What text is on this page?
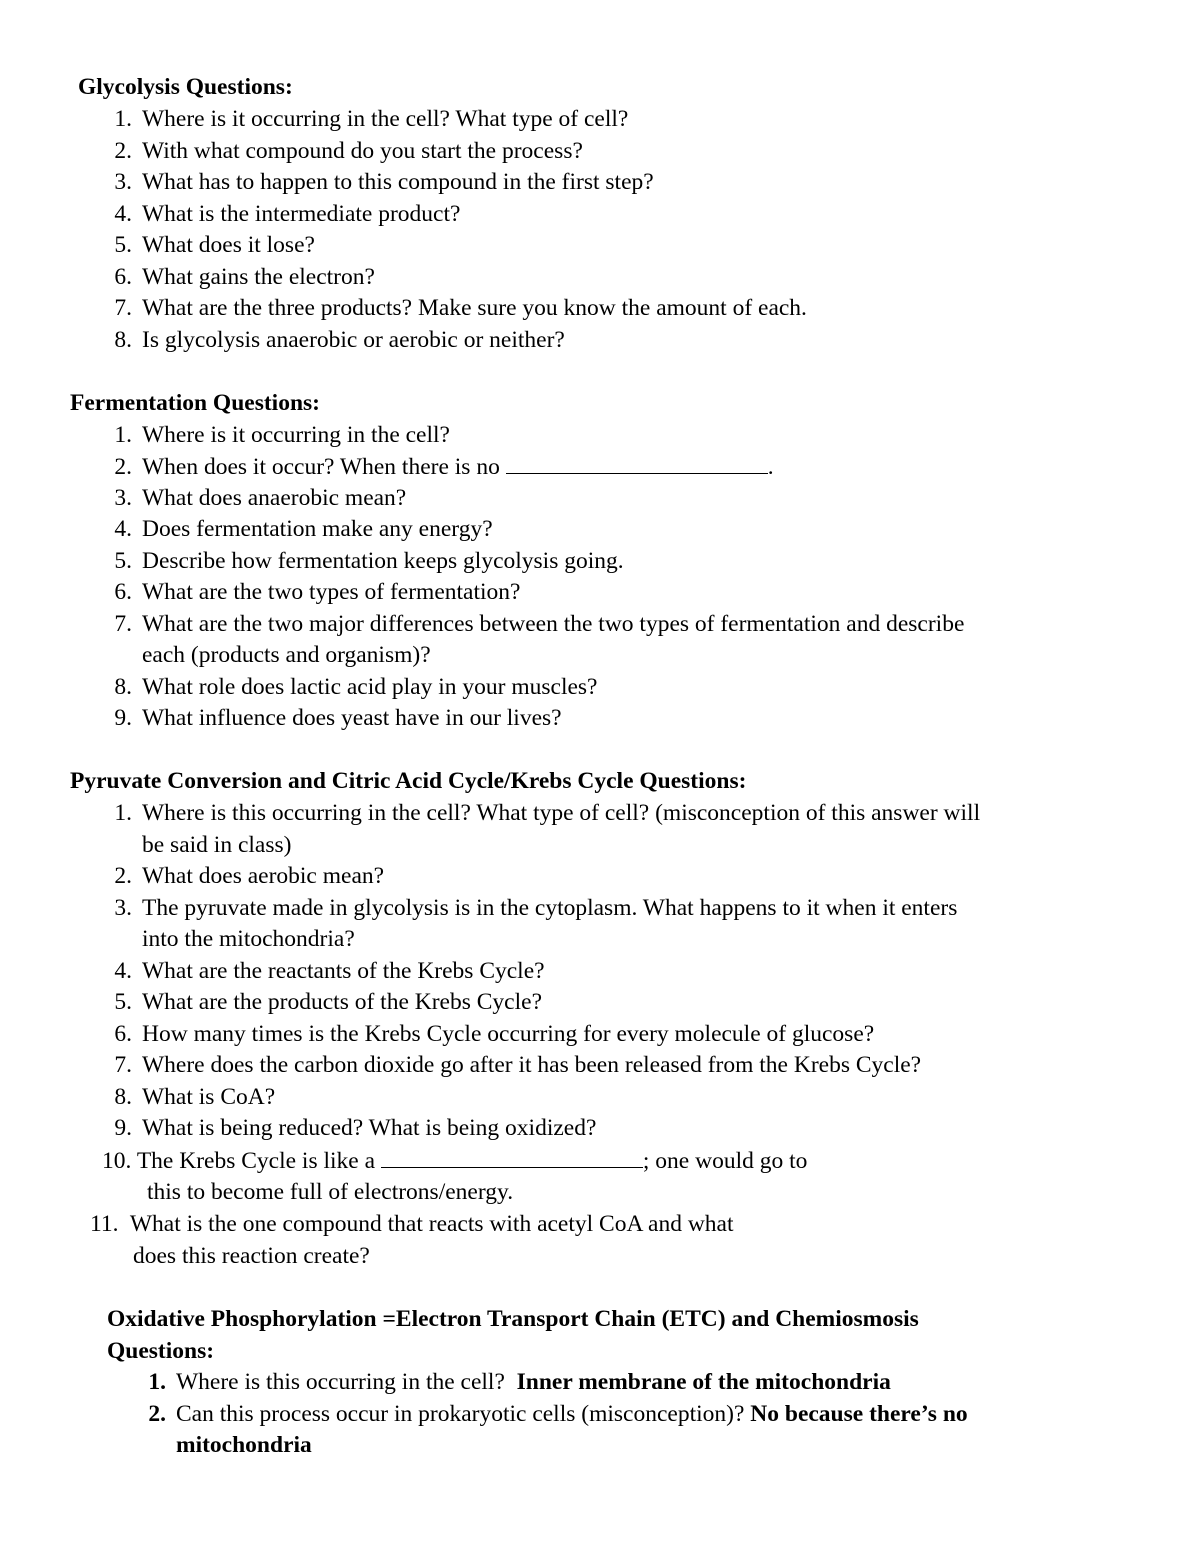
Glycolysis Questions:
1. Where is it occurring in the cell? What type of cell?
2. With what compound do you start the process?
3. What has to happen to this compound in the first step?
4. What is the intermediate product?
5. What does it lose?
6. What gains the electron?
7. What are the three products? Make sure you know the amount of each.
8. Is glycolysis anaerobic or aerobic or neither?
Fermentation Questions:
1. Where is it occurring in the cell?
2. When does it occur? When there is no	.
3. What does anaerobic mean?
4. Does fermentation make any energy?
5. Describe how fermentation keeps glycolysis going.
6. What are the two types of fermentation?
7. What are the two major differences between the two types of fermentation and describe
each (products and organism)?
8. What role does lactic acid play in your muscles?
9. What influence does yeast have in our lives?
Pyruvate Conversion and Citric Acid Cycle/Krebs Cycle Questions:
1. Where is this occurring in the cell? What type of cell? (misconception of this answer will
be said in class)
2. What does aerobic mean?
3. The pyruvate made in glycolysis is in the cytoplasm. What happens to it when it enters
into the mitochondria?
4. What are the reactants of the Krebs Cycle?
5. What are the products of the Krebs Cycle?
6. How many times is the Krebs Cycle occurring for every molecule of glucose?
7. Where does the carbon dioxide go after it has been released from the Krebs Cycle?
8. What is CoA?
9. What is being reduced? What is being oxidized?
10. The Krebs Cycle is like a	; one would go to
this to become full of electrons/energy.
11. What is the one compound that reacts with acetyl CoA and what
does this reaction create?
Oxidative Phosphorylation =Electron Transport Chain (ETC) and Chemiosmosis
Questions:
1. Where is this occurring in the cell? Inner membrane of the mitochondria
2. Can this process occur in prokaryotic cells (misconception)? No because there’s no
mitochondria
